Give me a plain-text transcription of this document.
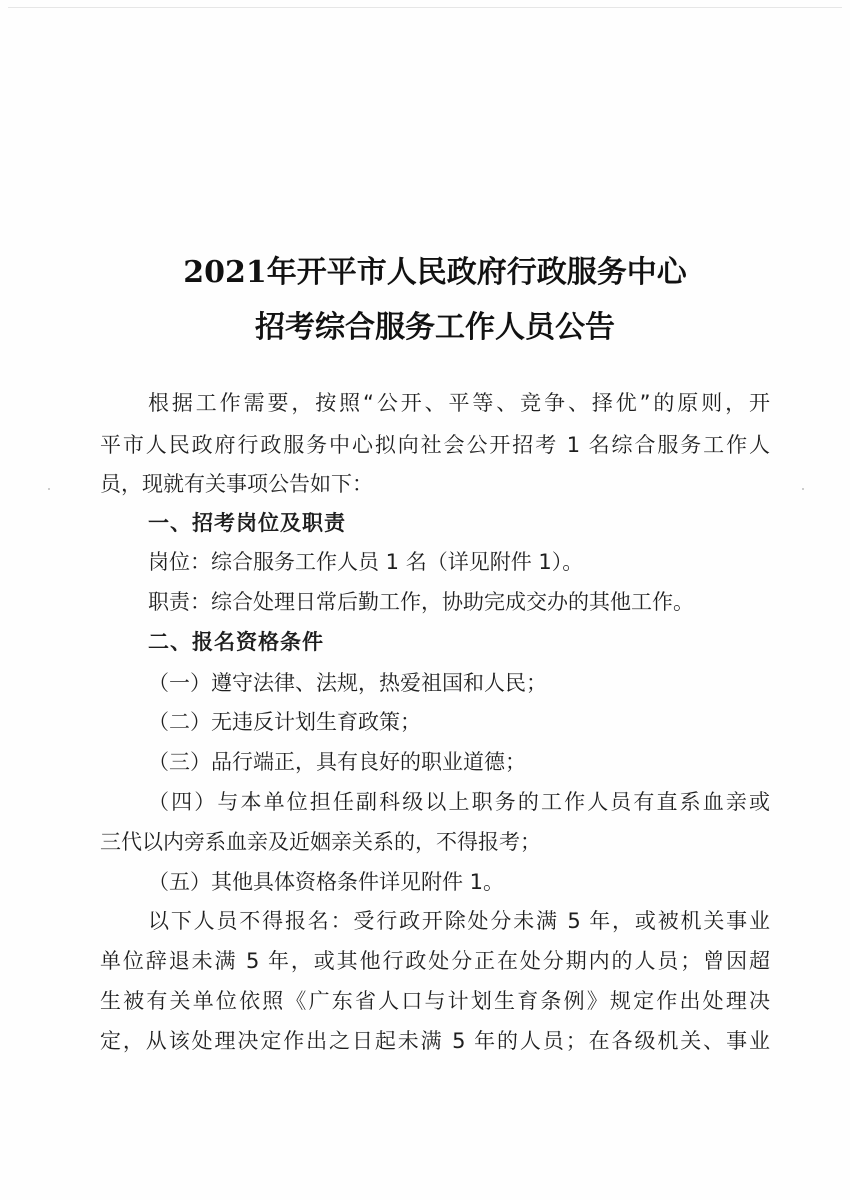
2021年开平市人民政府行政服务中心
招考综合服务工作人员公告
根据工作需要，按照“公开、平等、竞争、择优”的原则，开
平市人民政府行政服务中心拟向社会公开招考 1 名综合服务工作人
员，现就有关事项公告如下：
一、招考岗位及职责
岗位：综合服务工作人员 1 名（详见附件 1）。
职责：综合处理日常后勤工作，协助完成交办的其他工作。
二、报名资格条件
（一）遵守法律、法规，热爱祖国和人民；
（二）无违反计划生育政策；
（三）品行端正，具有良好的职业道德；
（四）与本单位担任副科级以上职务的工作人员有直系血亲或
三代以内旁系血亲及近姻亲关系的，不得报考；
（五）其他具体资格条件详见附件 1。
以下人员不得报名：受行政开除处分未满 5 年，或被机关事业
单位辞退未满 5 年，或其他行政处分正在处分期内的人员；曾因超
生被有关单位依照《广东省人口与计划生育条例》规定作出处理决
定，从该处理决定作出之日起未满 5 年的人员；在各级机关、事业
